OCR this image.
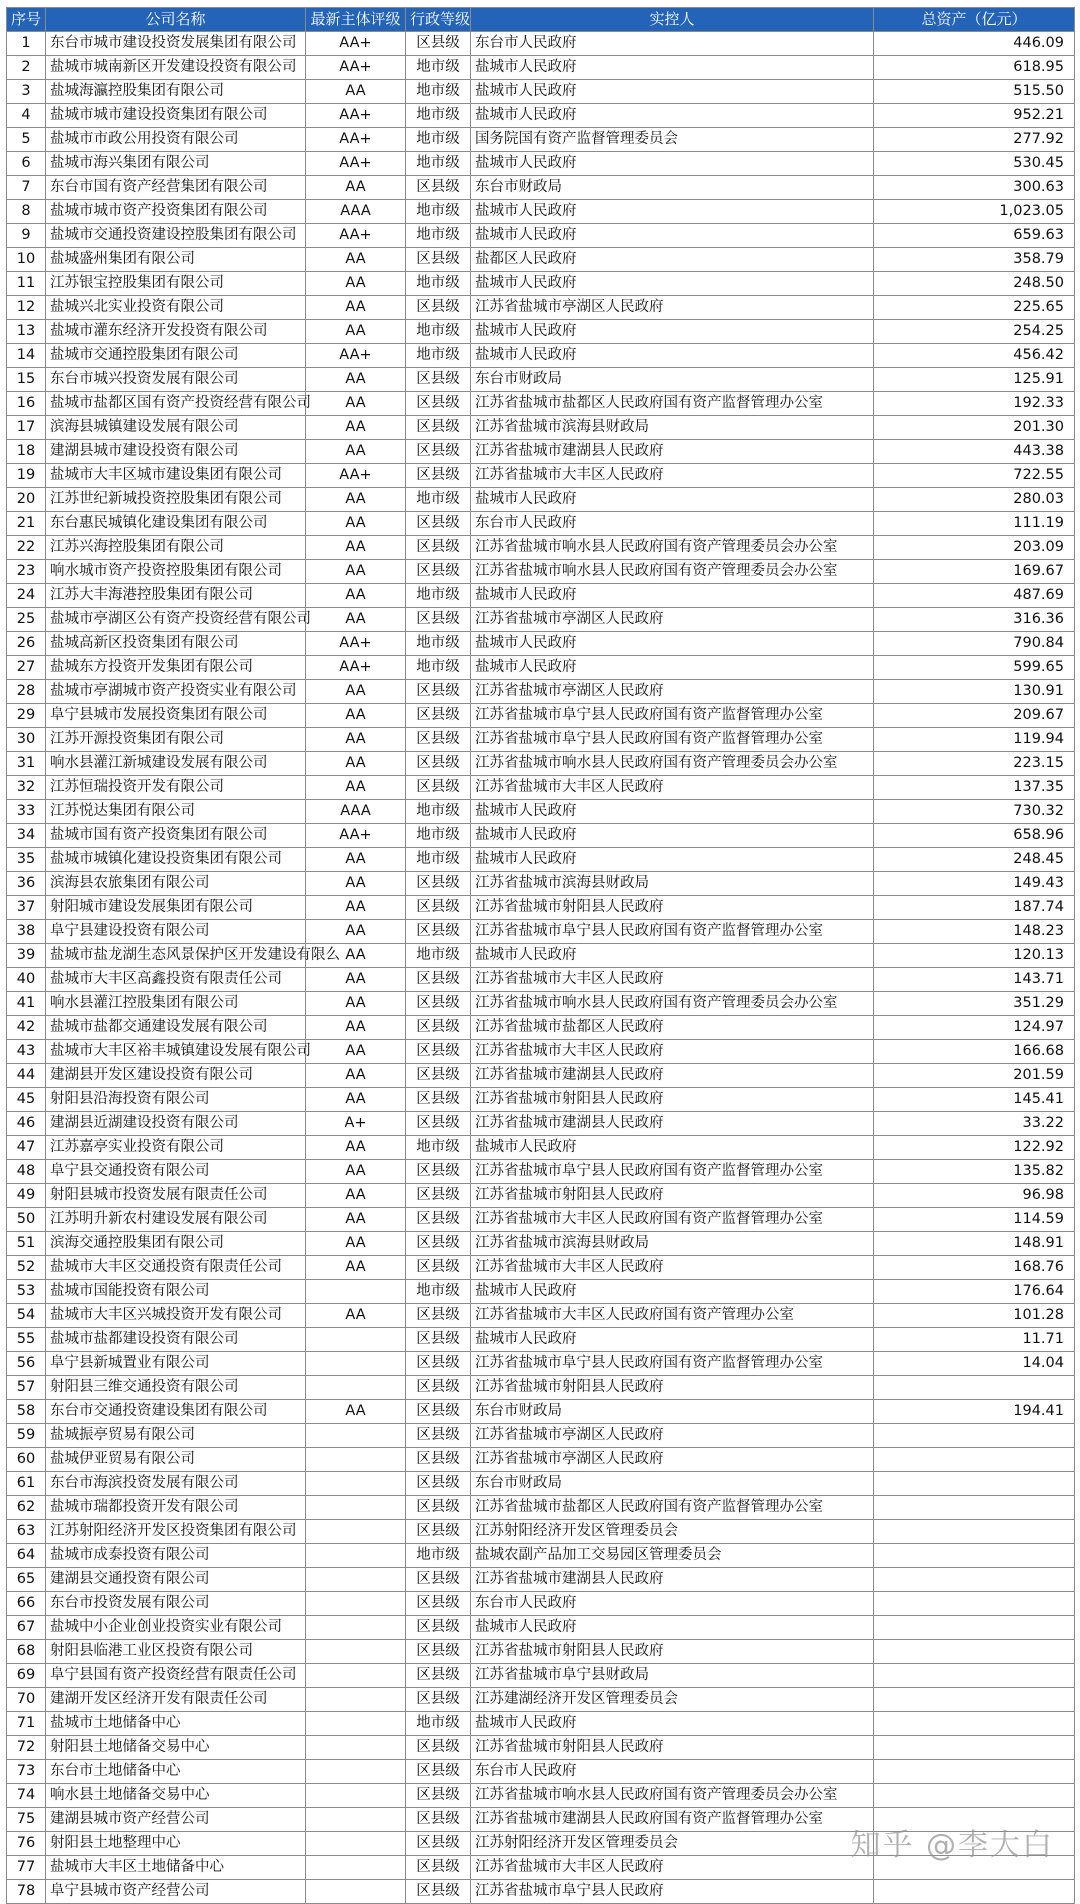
序号	公司名称	最新主体评级	行政等级	实控人	总资产（亿元）
1	东台市城市建设投资发展集团有限公司	AA+	区县级	东台市人民政府	446.09
2	盐城市城南新区开发建设投资有限公司	AA+	地市级	盐城市人民政府	618.95
3	盐城海瀛控股集团有限公司	AA	地市级	盐城市人民政府	515.50
4	盐城市城市建设投资集团有限公司	AA+	地市级	盐城市人民政府	952.21
5	盐城市市政公用投资有限公司	AA+	地市级	国务院国有资产监督管理委员会	277.92
6	盐城市海兴集团有限公司	AA+	地市级	盐城市人民政府	530.45
7	东台市国有资产经营集团有限公司	AA	区县级	东台市财政局	300.63
8	盐城市城市资产投资集团有限公司	AAA	地市级	盐城市人民政府	1,023.05
9	盐城市交通投资建设控股集团有限公司	AA+	地市级	盐城市人民政府	659.63
10	盐城盛州集团有限公司	AA	区县级	盐都区人民政府	358.79
11	江苏银宝控股集团有限公司	AA	地市级	盐城市人民政府	248.50
12	盐城兴北实业投资有限公司	AA	区县级	江苏省盐城市亭湖区人民政府	225.65
13	盐城市灌东经济开发投资有限公司	AA	地市级	盐城市人民政府	254.25
14	盐城市交通控股集团有限公司	AA+	地市级	盐城市人民政府	456.42
15	东台市城兴投资发展有限公司	AA	区县级	东台市财政局	125.91
16	盐城市盐都区国有资产投资经营有限公司	AA	区县级	江苏省盐城市盐都区人民政府国有资产监督管理办公室	192.33
17	滨海县城镇建设发展有限公司	AA	区县级	江苏省盐城市滨海县财政局	201.30
18	建湖县城市建设投资有限公司	AA	区县级	江苏省盐城市建湖县人民政府	443.38
19	盐城市大丰区城市建设集团有限公司	AA+	区县级	江苏省盐城市大丰区人民政府	722.55
20	江苏世纪新城投资控股集团有限公司	AA	地市级	盐城市人民政府	280.03
21	东台惠民城镇化建设集团有限公司	AA	区县级	东台市人民政府	111.19
22	江苏兴海控股集团有限公司	AA	区县级	江苏省盐城市响水县人民政府国有资产管理委员会办公室	203.09
23	响水城市资产投资控股集团有限公司	AA	区县级	江苏省盐城市响水县人民政府国有资产管理委员会办公室	169.67
24	江苏大丰海港控股集团有限公司	AA	地市级	盐城市人民政府	487.69
25	盐城市亭湖区公有资产投资经营有限公司	AA	区县级	江苏省盐城市亭湖区人民政府	316.36
26	盐城高新区投资集团有限公司	AA+	地市级	盐城市人民政府	790.84
27	盐城东方投资开发集团有限公司	AA+	地市级	盐城市人民政府	599.65
28	盐城市亭湖城市资产投资实业有限公司	AA	区县级	江苏省盐城市亭湖区人民政府	130.91
29	阜宁县城市发展投资集团有限公司	AA	区县级	江苏省盐城市阜宁县人民政府国有资产监督管理办公室	209.67
30	江苏开源投资集团有限公司	AA	区县级	江苏省盐城市阜宁县人民政府国有资产监督管理办公室	119.94
31	响水县灌江新城建设发展有限公司	AA	区县级	江苏省盐城市响水县人民政府国有资产管理委员会办公室	223.15
32	江苏恒瑞投资开发有限公司	AA	区县级	江苏省盐城市大丰区人民政府	137.35
33	江苏悦达集团有限公司	AAA	地市级	盐城市人民政府	730.32
34	盐城市国有资产投资集团有限公司	AA+	地市级	盐城市人民政府	658.96
35	盐城市城镇化建设投资集团有限公司	AA	地市级	盐城市人民政府	248.45
36	滨海县农旅集团有限公司	AA	区县级	江苏省盐城市滨海县财政局	149.43
37	射阳城市建设发展集团有限公司	AA	区县级	江苏省盐城市射阳县人民政府	187.74
38	阜宁县建设投资有限公司	AA	区县级	江苏省盐城市阜宁县人民政府国有资产监督管理办公室	148.23
39	盐城市盐龙湖生态风景保护区开发建设有限么	AA	地市级	盐城市人民政府	120.13
40	盐城市大丰区高鑫投资有限责任公司	AA	区县级	江苏省盐城市大丰区人民政府	143.71
41	响水县灌江控股集团有限公司	AA	区县级	江苏省盐城市响水县人民政府国有资产管理委员会办公室	351.29
42	盐城市盐都交通建设发展有限公司	AA	区县级	江苏省盐城市盐都区人民政府	124.97
43	盐城市大丰区裕丰城镇建设发展有限公司	AA	区县级	江苏省盐城市大丰区人民政府	166.68
44	建湖县开发区建设投资有限公司	AA	区县级	江苏省盐城市建湖县人民政府	201.59
45	射阳县沿海投资有限公司	AA	区县级	江苏省盐城市射阳县人民政府	145.41
46	建湖县近湖建设投资有限公司	A+	区县级	江苏省盐城市建湖县人民政府	33.22
47	江苏嘉亭实业投资有限公司	AA	地市级	盐城市人民政府	122.92
48	阜宁县交通投资有限公司	AA	区县级	江苏省盐城市阜宁县人民政府国有资产监督管理办公室	135.82
49	射阳县城市投资发展有限责任公司	AA	区县级	江苏省盐城市射阳县人民政府	96.98
50	江苏明升新农村建设发展有限公司	AA	区县级	江苏省盐城市大丰区人民政府国有资产监督管理办公室	114.59
51	滨海交通控股集团有限公司	AA	区县级	江苏省盐城市滨海县财政局	148.91
52	盐城市大丰区交通投资有限责任公司	AA	区县级	江苏省盐城市大丰区人民政府	168.76
53	盐城市国能投资有限公司		地市级	盐城市人民政府	176.64
54	盐城市大丰区兴城投资开发有限公司	AA	区县级	江苏省盐城市大丰区人民政府国有资产管理办公室	101.28
55	盐城市盐都建设投资有限公司		区县级	盐城市人民政府	11.71
56	阜宁县新城置业有限公司		区县级	江苏省盐城市阜宁县人民政府国有资产监督管理办公室	14.04
57	射阳县三维交通投资有限公司		区县级	江苏省盐城市射阳县人民政府	
58	东台市交通投资建设集团有限公司	AA	区县级	东台市财政局	194.41
59	盐城振亭贸易有限公司		区县级	江苏省盐城市亭湖区人民政府	
60	盐城伊亚贸易有限公司		区县级	江苏省盐城市亭湖区人民政府	
61	东台市海滨投资发展有限公司		区县级	东台市财政局	
62	盐城市瑞都投资开发有限公司		区县级	江苏省盐城市盐都区人民政府国有资产监督管理办公室	
63	江苏射阳经济开发区投资集团有限公司		区县级	江苏射阳经济开发区管理委员会	
64	盐城市成泰投资有限公司		地市级	盐城农副产品加工交易园区管理委员会	
65	建湖县交通投资有限公司		区县级	江苏省盐城市建湖县人民政府	
66	东台市投资发展有限公司		区县级	东台市人民政府	
67	盐城中小企业创业投资实业有限公司		区县级	盐城市人民政府	
68	射阳县临港工业区投资有限公司		区县级	江苏省盐城市射阳县人民政府	
69	阜宁县国有资产投资经营有限责任公司		区县级	江苏省盐城市阜宁县财政局	
70	建湖开发区经济开发有限责任公司		区县级	江苏建湖经济开发区管理委员会	
71	盐城市土地储备中心		地市级	盐城市人民政府	
72	射阳县土地储备交易中心		区县级	江苏省盐城市射阳县人民政府	
73	东台市土地储备中心		区县级	东台市人民政府	
74	响水县土地储备交易中心		区县级	江苏省盐城市响水县人民政府国有资产管理委员会办公室	
75	建湖县城市资产经营公司		区县级	江苏省盐城市建湖县人民政府国有资产监督管理办公室	
76	射阳县土地整理中心		区县级	江苏射阳经济开发区管理委员会	
77	盐城市大丰区土地储备中心		区县级	江苏省盐城市大丰区人民政府	
78	阜宁县城市资产经营公司		区县级	江苏省盐城市阜宁县人民政府	
知乎 @李大白
